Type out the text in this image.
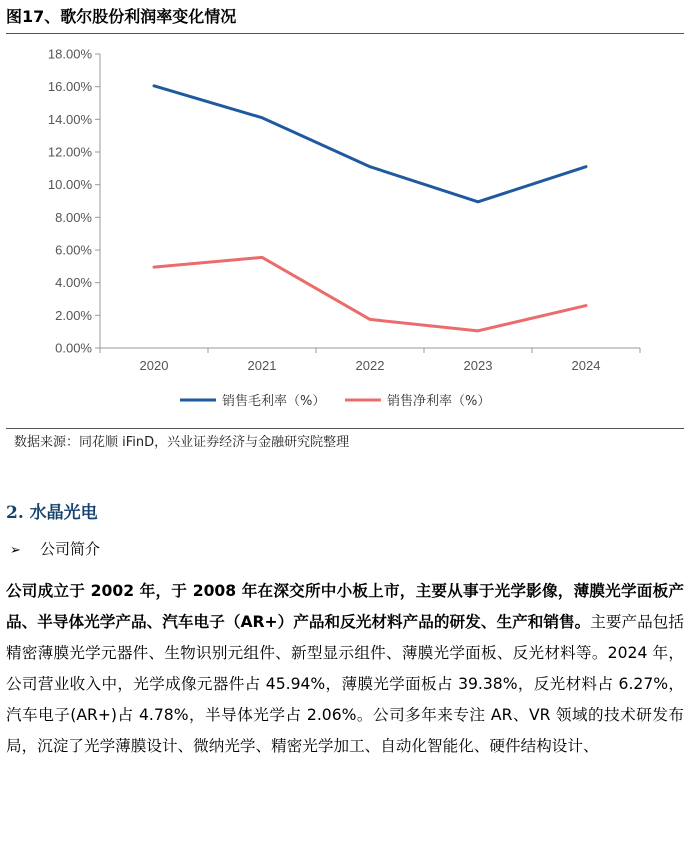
图17、歌尔股份利润率变化情况
0.00%
2.00%
4.00%
6.00%
8.00%
10.00%
12.00%
14.00%
16.00%
18.00%
2020	2021	2022	2023	2024
销售毛利率（%）	销售净利率（%）
数据来源：同花顺 iFinD，兴业证券经济与金融研究院整理
2. 水晶光电
➢ 公司简介
公司成立于 2002 年，于 2008 年在深交所中小板上市，主要从事于光学影像，薄膜光学面板产品、半导体光学产品、汽车电子（AR+）产品和反光材料产品的研发、生产和销售。主要产品包括精密薄膜光学元器件、生物识别元组件、新型显示组件、薄膜光学面板、反光材料等。2024 年，公司营业收入中，光学成像元器件占 45.94%，薄膜光学面板占 39.38%，反光材料占 6.27%，汽车电子(AR+)占 4.78%，半导体光学占 2.06%。公司多年来专注 AR、VR 领域的技术研发布局，沉淀了光学薄膜设计、微纳光学、精密光学加工、自动化智能化、硬件结构设计、
